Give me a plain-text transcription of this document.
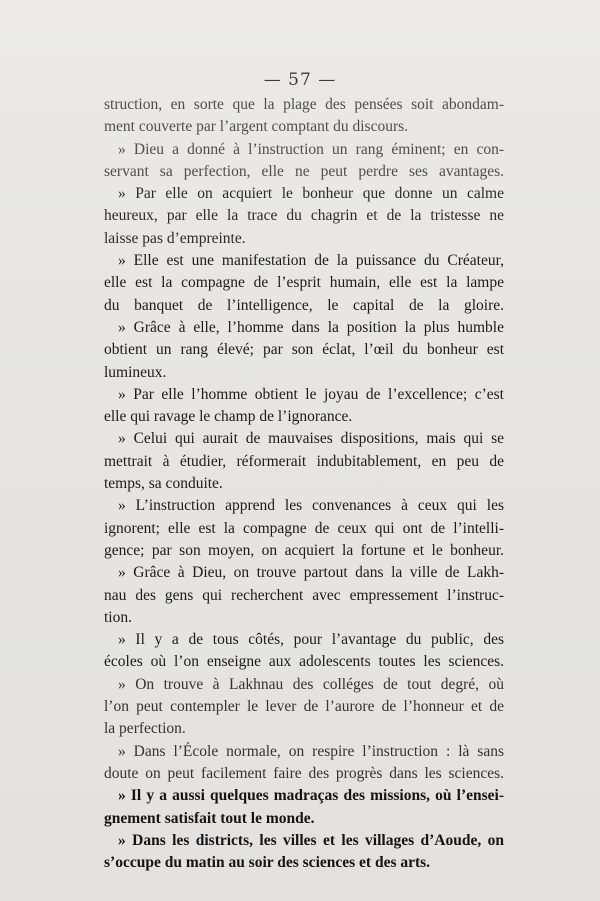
— 57 —
struction, en sorte que la plage des pensées soit abondam-
ment couverte par l’argent comptant du discours.
» Dieu a donné à l’instruction un rang éminent; en con-
servant sa perfection, elle ne peut perdre ses avantages.
» Par elle on acquiert le bonheur que donne un calme
heureux, par elle la trace du chagrin et de la tristesse ne
laisse pas d’empreinte.
» Elle est une manifestation de la puissance du Créateur,
elle est la compagne de l’esprit humain, elle est la lampe
du banquet de l’intelligence, le capital de la gloire.
» Grâce à elle, l’homme dans la position la plus humble
obtient un rang élevé; par son éclat, l’œil du bonheur est
lumineux.
» Par elle l’homme obtient le joyau de l’excellence; c’est
elle qui ravage le champ de l’ignorance.
» Celui qui aurait de mauvaises dispositions, mais qui se
mettrait à étudier, réformerait indubitablement, en peu de
temps, sa conduite.
» L’instruction apprend les convenances à ceux qui les
ignorent; elle est la compagne de ceux qui ont de l’intelli-
gence; par son moyen, on acquiert la fortune et le bonheur.
» Grâce à Dieu, on trouve partout dans la ville de Lakh-
nau des gens qui recherchent avec empressement l’instruc-
tion.
» Il y a de tous côtés, pour l’avantage du public, des
écoles où l’on enseigne aux adolescents toutes les sciences.
» On trouve à Lakhnau des colléges de tout degré, où
l’on peut contempler le lever de l’aurore de l’honneur et de
la perfection.
» Dans l’École normale, on respire l’instruction : là sans
doute on peut facilement faire des progrès dans les sciences.
» Il y a aussi quelques madraças des missions, où l’ensei-
gnement satisfait tout le monde.
» Dans les districts, les villes et les villages d’Aoude, on
s’occupe du matin au soir des sciences et des arts.
